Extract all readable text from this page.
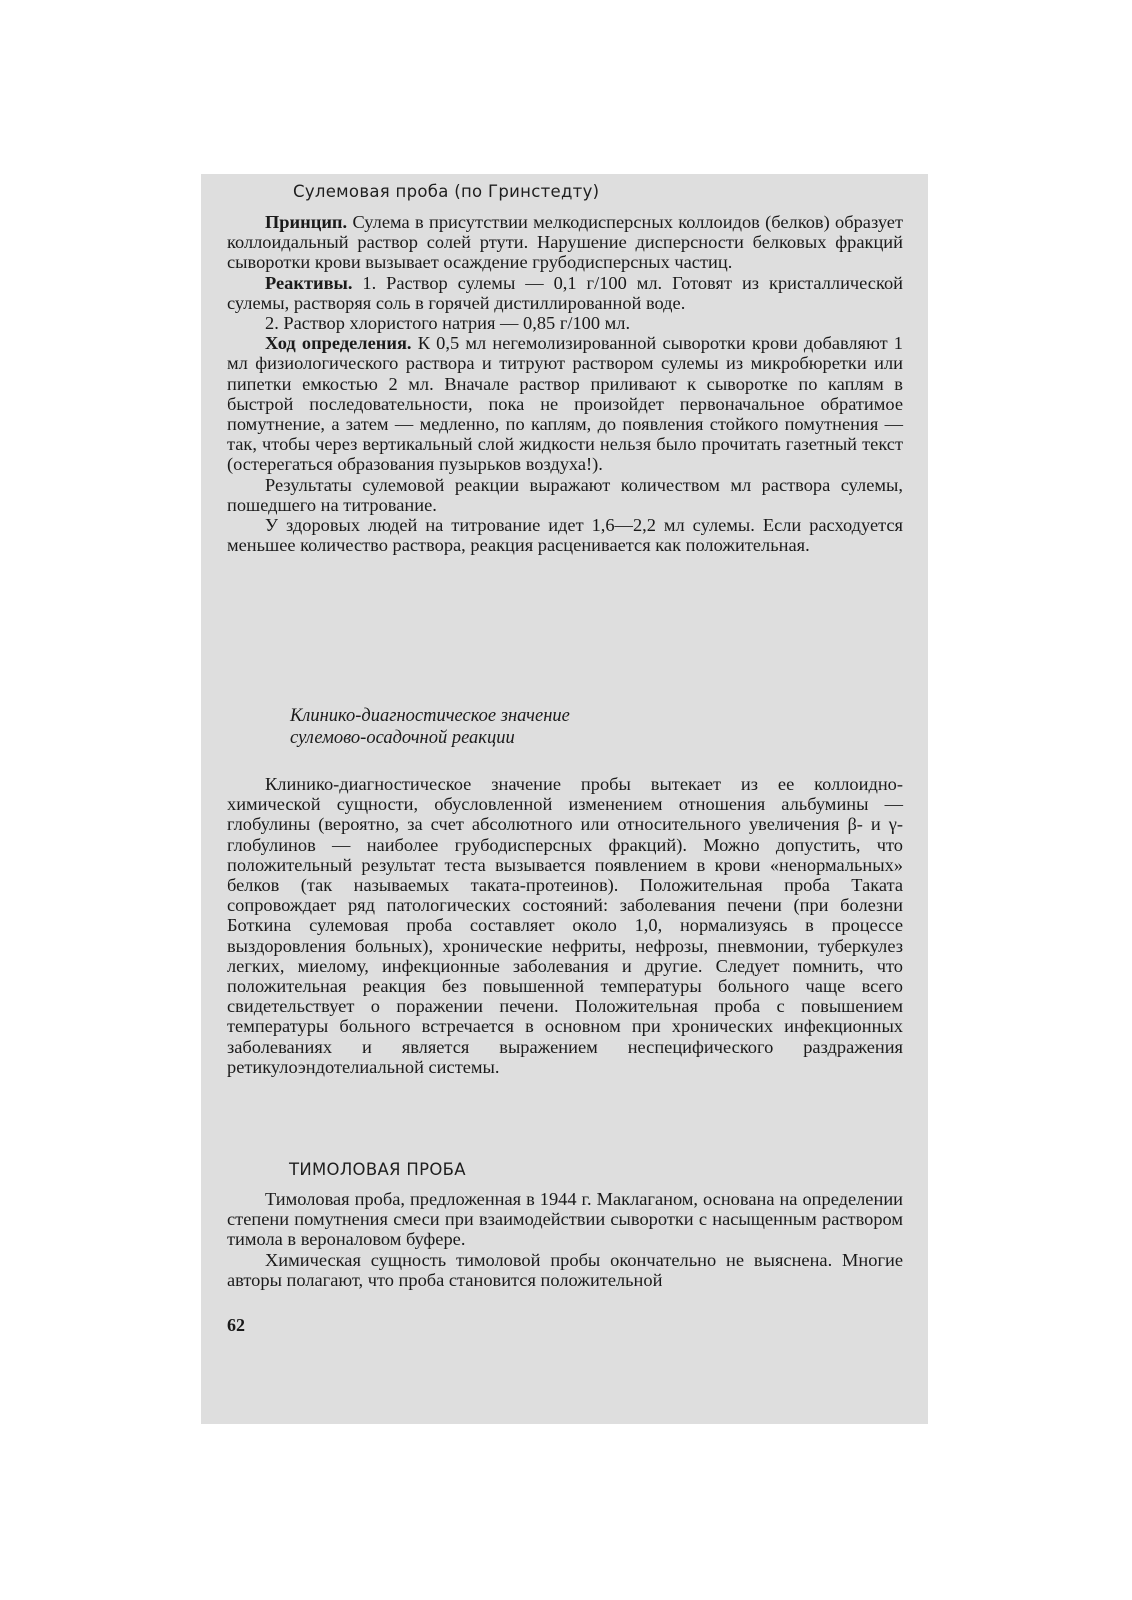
Сулемовая проба (по Гринстедту)

Принцип. Сулема в присутствии мелкодисперсных коллоидов (белков) образует коллоидальный раствор солей ртути. Нарушение дисперсности белковых фракций сыворотки крови вызывает осаждение грубодисперсных частиц.

Реактивы. 1. Раствор сулемы — 0,1 г/100 мл. Готовят из кристаллической сулемы, растворяя соль в горячей дистиллированной воде.

2. Раствор хлористого натрия — 0,85 г/100 мл.

Ход определения. К 0,5 мл негемолизированной сыворотки крови добавляют 1 мл физиологического раствора и титруют раствором сулемы из микробюретки или пипетки емкостью 2 мл. Вначале раствор приливают к сыворотке по каплям в быстрой последовательности, пока не произойдет первоначальное обратимое помутнение, а затем — медленно, по каплям, до появления стойкого помутнения — так, чтобы через вертикальный слой жидкости нельзя было прочитать газетный текст (остерегаться образования пузырьков воздуха!).

Результаты сулемовой реакции выражают количеством мл раствора сулемы, пошедшего на титрование.

У здоровых людей на титрование идет 1,6—2,2 мл сулемы. Если расходуется меньшее количество раствора, реакция расценивается как положительная.

Клинико-диагностическое значение
сулемово-осадочной реакции

Клинико-диагностическое значение пробы вытекает из ее коллоидно-химической сущности, обусловленной изменением отношения альбумины — глобулины (вероятно, за счет абсолютного или относительного увеличения β- и γ-глобулинов — наиболее грубодисперсных фракций). Можно допустить, что положительный результат теста вызывается появлением в крови «ненормальных» белков (так называемых таката-протеинов). Положительная проба Таката сопровождает ряд патологических состояний: заболевания печени (при болезни Боткина сулемовая проба составляет около 1,0, нормализуясь в процессе выздоровления больных), хронические нефриты, нефрозы, пневмонии, туберкулез легких, миелому, инфекционные заболевания и другие. Следует помнить, что положительная реакция без повышенной температуры больного чаще всего свидетельствует о поражении печени. Положительная проба с повышением температуры больного встречается в основном при хронических инфекционных заболеваниях и является выражением неспецифического раздражения ретикулоэндотелиальной системы.

ТИМОЛОВАЯ ПРОБА

Тимоловая проба, предложенная в 1944 г. Маклаганом, основана на определении степени помутнения смеси при взаимодействии сыворотки с насыщенным раствором тимола в вероналовом буфере.

Химическая сущность тимоловой пробы окончательно не выяснена. Многие авторы полагают, что проба становится положительной

62
